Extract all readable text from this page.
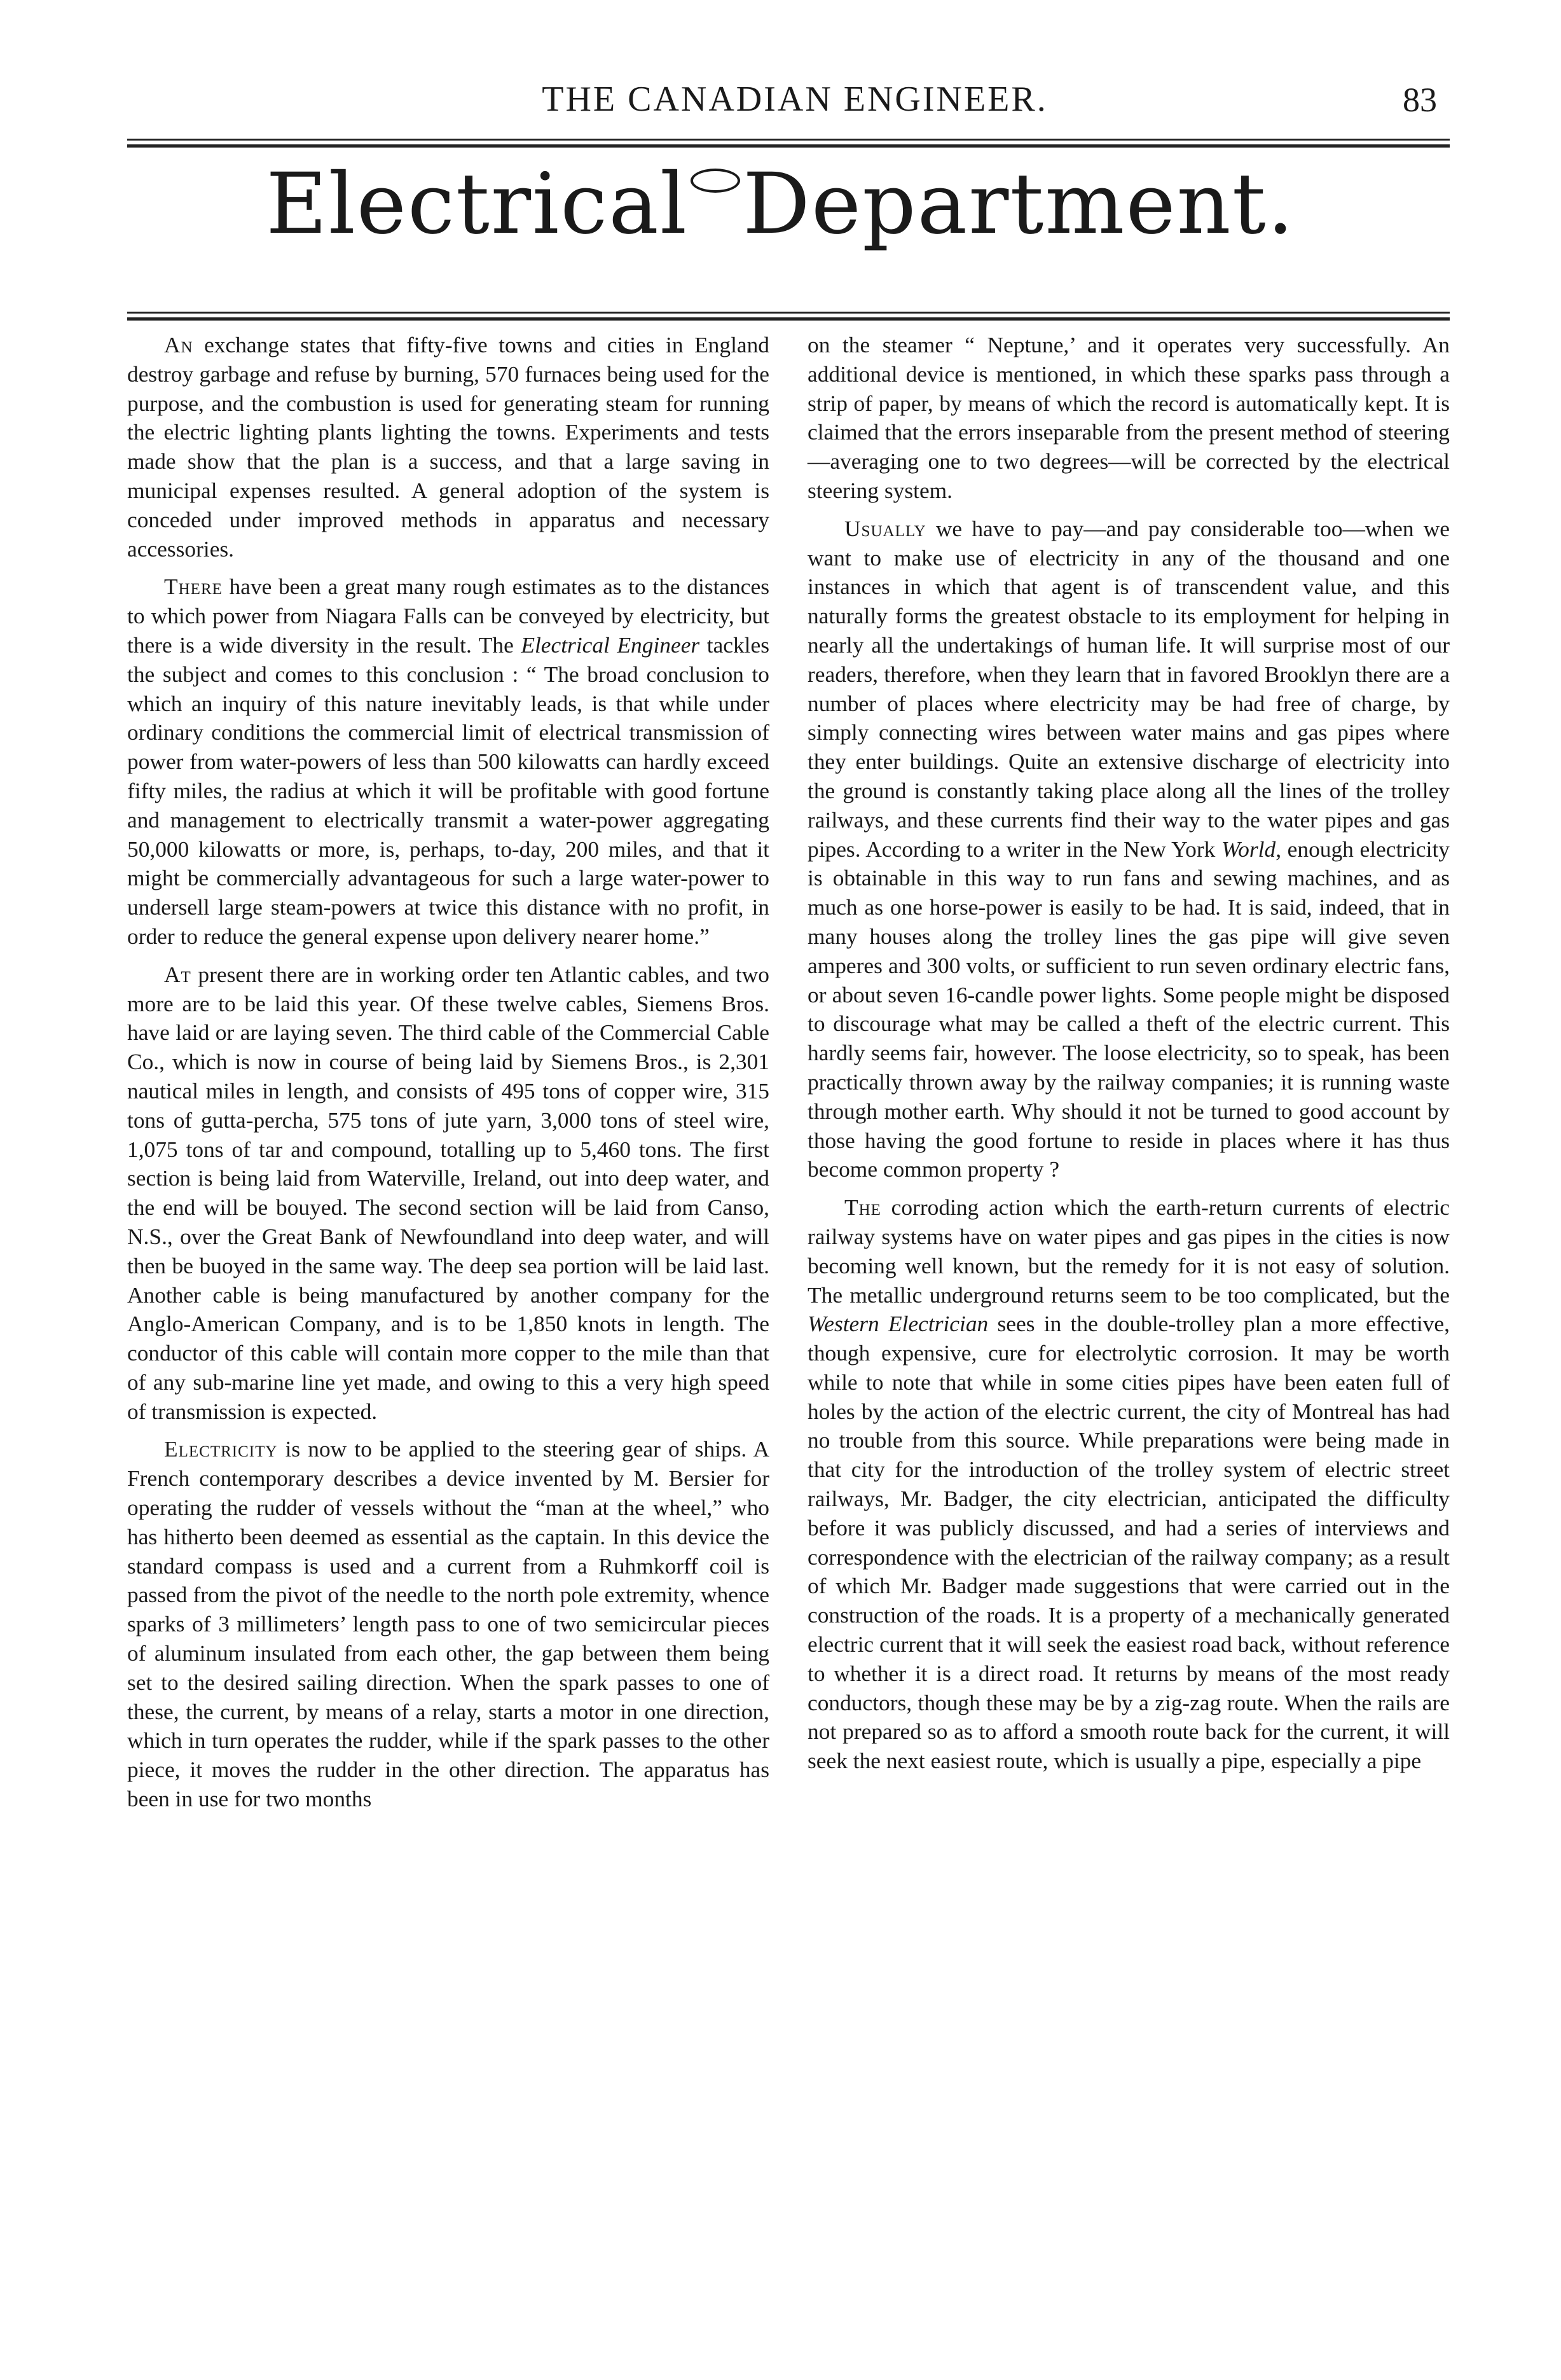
THE CANADIAN ENGINEER.	83
Electrical Department.

An exchange states that fifty-five towns and cities in England destroy garbage and refuse by burning, 570 furnaces being used for the purpose, and the combustion is used for generating steam for running the electric lighting plants lighting the towns. Experiments and tests made show that the plan is a success, and that a large saving in municipal expenses resulted. A general adoption of the system is conceded under improved methods in apparatus and necessary accessories.

There have been a great many rough estimates as to the distances to which power from Niagara Falls can be conveyed by electricity, but there is a wide diversity in the result. The Electrical Engineer tackles the subject and comes to this conclusion : “ The broad conclusion to which an inquiry of this nature inevitably leads, is that while under ordinary conditions the commercial limit of electrical transmission of power from water-powers of less than 500 kilowatts can hardly exceed fifty miles, the radius at which it will be profitable with good fortune and management to electrically transmit a water-power aggregating 50,000 kilowatts or more, is, perhaps, to-day, 200 miles, and that it might be commercially advantageous for such a large water-power to undersell large steam-powers at twice this distance with no profit, in order to reduce the general expense upon delivery nearer home.”

At present there are in working order ten Atlantic cables, and two more are to be laid this year. Of these twelve cables, Siemens Bros. have laid or are laying seven. The third cable of the Commercial Cable Co., which is now in course of being laid by Siemens Bros., is 2,301 nautical miles in length, and consists of 495 tons of copper wire, 315 tons of gutta-percha, 575 tons of jute yarn, 3,000 tons of steel wire, 1,075 tons of tar and compound, totalling up to 5,460 tons. The first section is being laid from Waterville, Ireland, out into deep water, and the end will be bouyed. The second section will be laid from Canso, N.S., over the Great Bank of Newfoundland into deep water, and will then be buoyed in the same way. The deep sea portion will be laid last. Another cable is being manufactured by another company for the Anglo-American Company, and is to be 1,850 knots in length. The conductor of this cable will contain more copper to the mile than that of any sub-marine line yet made, and owing to this a very high speed of transmission is expected.

Electricity is now to be applied to the steering gear of ships. A French contemporary describes a device invented by M. Bersier for operating the rudder of vessels without the “man at the wheel,” who has hitherto been deemed as essential as the captain. In this device the standard compass is used and a current from a Ruhmkorff coil is passed from the pivot of the needle to the north pole extremity, whence sparks of 3 millimeters’ length pass to one of two semicircular pieces of aluminum insulated from each other, the gap between them being set to the desired sailing direction. When the spark passes to one of these, the current, by means of a relay, starts a motor in one direction, which in turn operates the rudder, while if the spark passes to the other piece, it moves the rudder in the other direction. The apparatus has been in use for two months

on the steamer “ Neptune,’ and it operates very successfully. An additional device is mentioned, in which these sparks pass through a strip of paper, by means of which the record is automatically kept. It is claimed that the errors inseparable from the present method of steering—averaging one to two degrees—will be corrected by the electrical steering system.

Usually we have to pay—and pay considerable too—when we want to make use of electricity in any of the thousand and one instances in which that agent is of transcendent value, and this naturally forms the greatest obstacle to its employment for helping in nearly all the undertakings of human life. It will surprise most of our readers, therefore, when they learn that in favored Brooklyn there are a number of places where electricity may be had free of charge, by simply connecting wires between water mains and gas pipes where they enter buildings. Quite an extensive discharge of electricity into the ground is constantly taking place along all the lines of the trolley railways, and these currents find their way to the water pipes and gas pipes. According to a writer in the New York World, enough electricity is obtainable in this way to run fans and sewing machines, and as much as one horse-power is easily to be had. It is said, indeed, that in many houses along the trolley lines the gas pipe will give seven amperes and 300 volts, or sufficient to run seven ordinary electric fans, or about seven 16-candle power lights. Some people might be disposed to discourage what may be called a theft of the electric current. This hardly seems fair, however. The loose electricity, so to speak, has been practically thrown away by the railway companies; it is running waste through mother earth. Why should it not be turned to good account by those having the good fortune to reside in places where it has thus become common property ?

The corroding action which the earth-return currents of electric railway systems have on water pipes and gas pipes in the cities is now becoming well known, but the remedy for it is not easy of solution. The metallic underground returns seem to be too complicated, but the Western Electrician sees in the double-trolley plan a more effective, though expensive, cure for electrolytic corrosion. It may be worth while to note that while in some cities pipes have been eaten full of holes by the action of the electric current, the city of Montreal has had no trouble from this source. While preparations were being made in that city for the introduction of the trolley system of electric street railways, Mr. Badger, the city electrician, anticipated the difficulty before it was publicly discussed, and had a series of interviews and correspondence with the electrician of the railway company; as a result of which Mr. Badger made suggestions that were carried out in the construction of the roads. It is a property of a mechanically generated electric current that it will seek the easiest road back, without reference to whether it is a direct road. It returns by means of the most ready conductors, though these may be by a zig-zag route. When the rails are not prepared so as to afford a smooth route back for the current, it will seek the next easiest route, which is usually a pipe, especially a pipe
